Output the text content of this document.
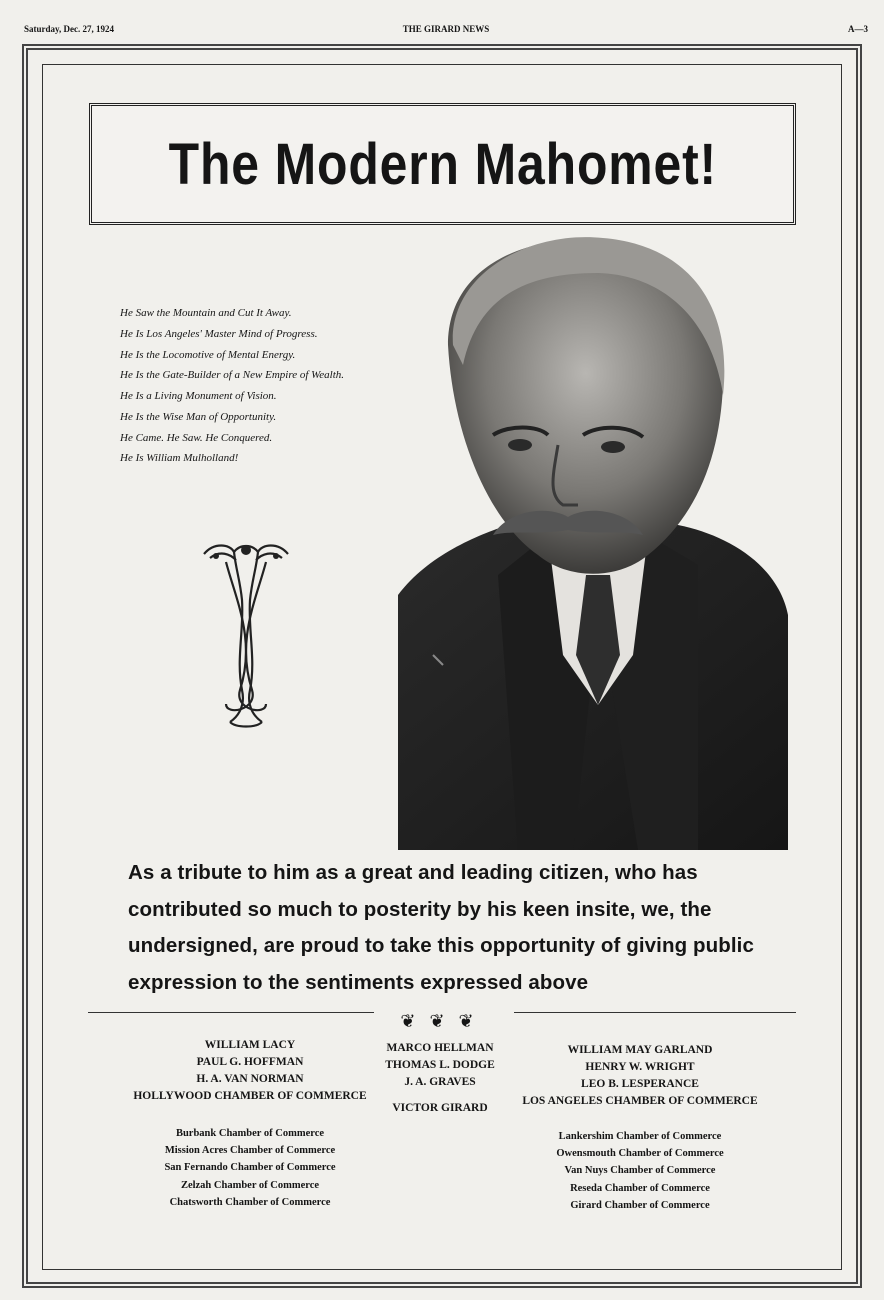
Saturday, Dec. 27, 1924	THE GIRARD NEWS	A—3
The Modern Mahomet!
He Saw the Mountain and Cut It Away.
He Is Los Angeles' Master Mind of Progress.
He Is the Locomotive of Mental Energy.
He Is the Gate-Builder of a New Empire of Wealth.
He Is a Living Monument of Vision.
He Is the Wise Man of Opportunity.
He Came. He Saw. He Conquered.
He Is William Mulholland!
As a tribute to him as a great and leading citizen, who has contributed so much to posterity by his keen insite, we, the undersigned, are proud to take this opportunity of giving public expression to the sentiments expressed above
❦❦❦
WILLIAM LACY
PAUL G. HOFFMAN
H. A. VAN NORMAN
HOLLYWOOD CHAMBER OF COMMERCE
MARCO HELLMAN
THOMAS L. DODGE
J. A. GRAVES
VICTOR GIRARD
WILLIAM MAY GARLAND
HENRY W. WRIGHT
LEO B. LESPERANCE
LOS ANGELES CHAMBER OF COMMERCE
Burbank Chamber of Commerce
Mission Acres Chamber of Commerce
San Fernando Chamber of Commerce
Zelzah Chamber of Commerce
Chatsworth Chamber of Commerce
Lankershim Chamber of Commerce
Owensmouth Chamber of Commerce
Van Nuys Chamber of Commerce
Reseda Chamber of Commerce
Girard Chamber of Commerce
